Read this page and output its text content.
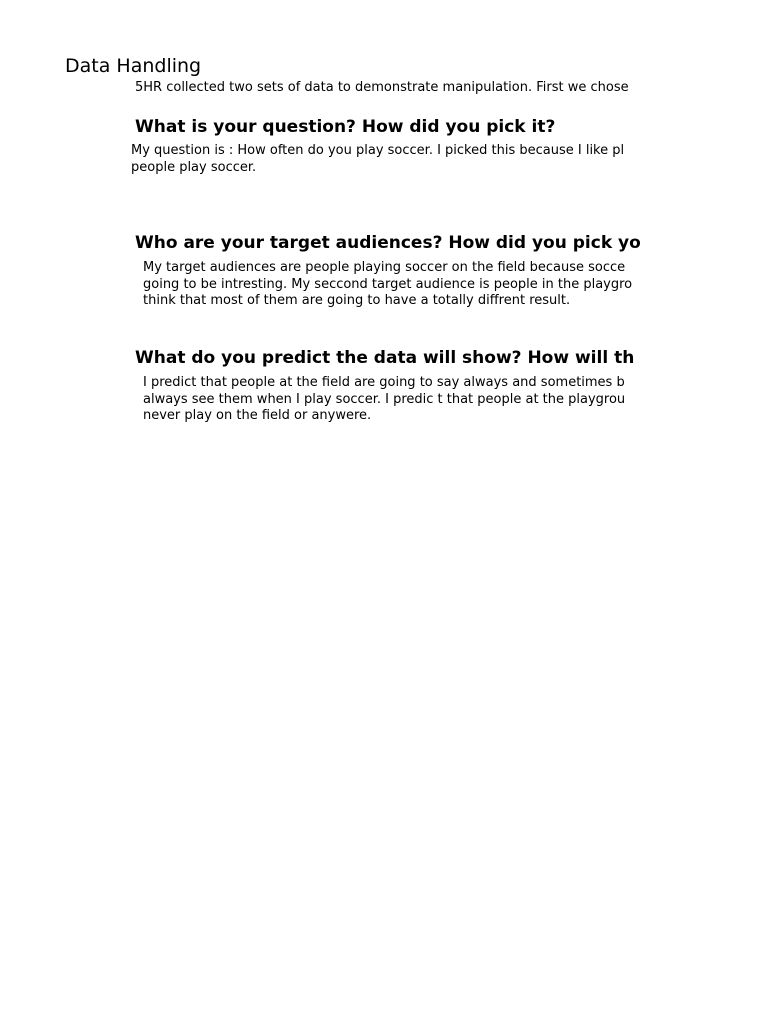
Data Handling
5HR collected two sets of data to demonstrate manipulation. First we chose
What is your question? How did you pick it?
My question is : How often do you play soccer. I picked this because I like pl
people play soccer.
Who are your target audiences? How did you pick yo
My target audiences are people playing soccer on the field because socce
going to be intresting. My seccond target audience is people in the playgro
think that most of them are going to have a totally diffrent result.
What do you predict the data will show? How will th
I predict that people at the field are going to say always and sometimes b
always see them when I play soccer. I predic t that people at the playgrou
never play on the field or anywere.
